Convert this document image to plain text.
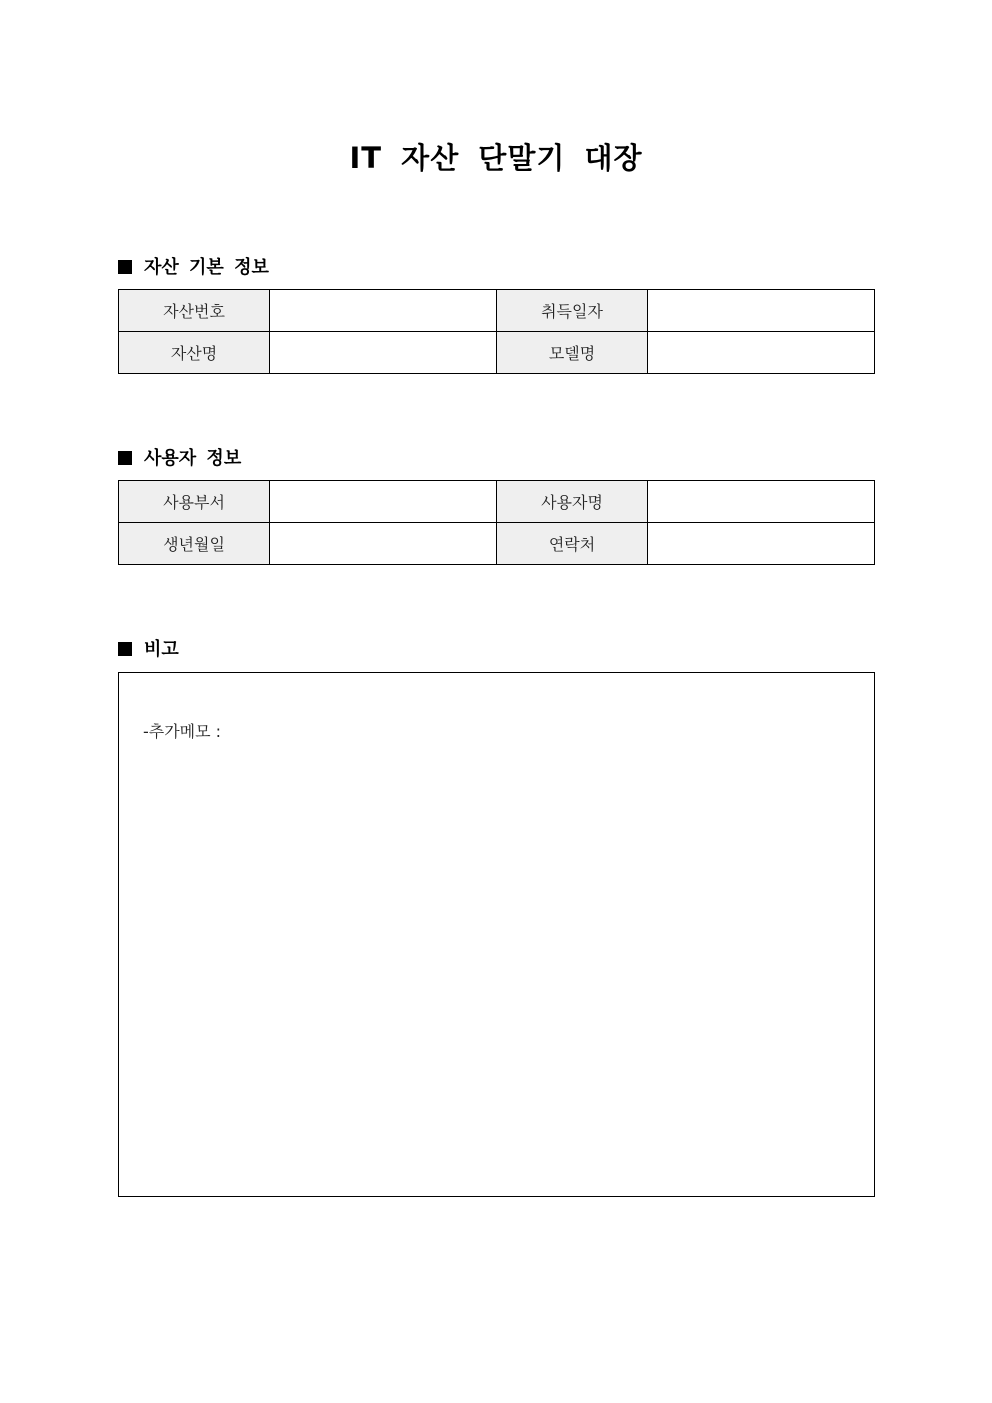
IT 자산 단말기 대장
자산 기본 정보
자산번호		취득일자	
자산명		모델명	
사용자 정보
사용부서		사용자명	
생년월일		연락처	
비고
-추가메모 :
